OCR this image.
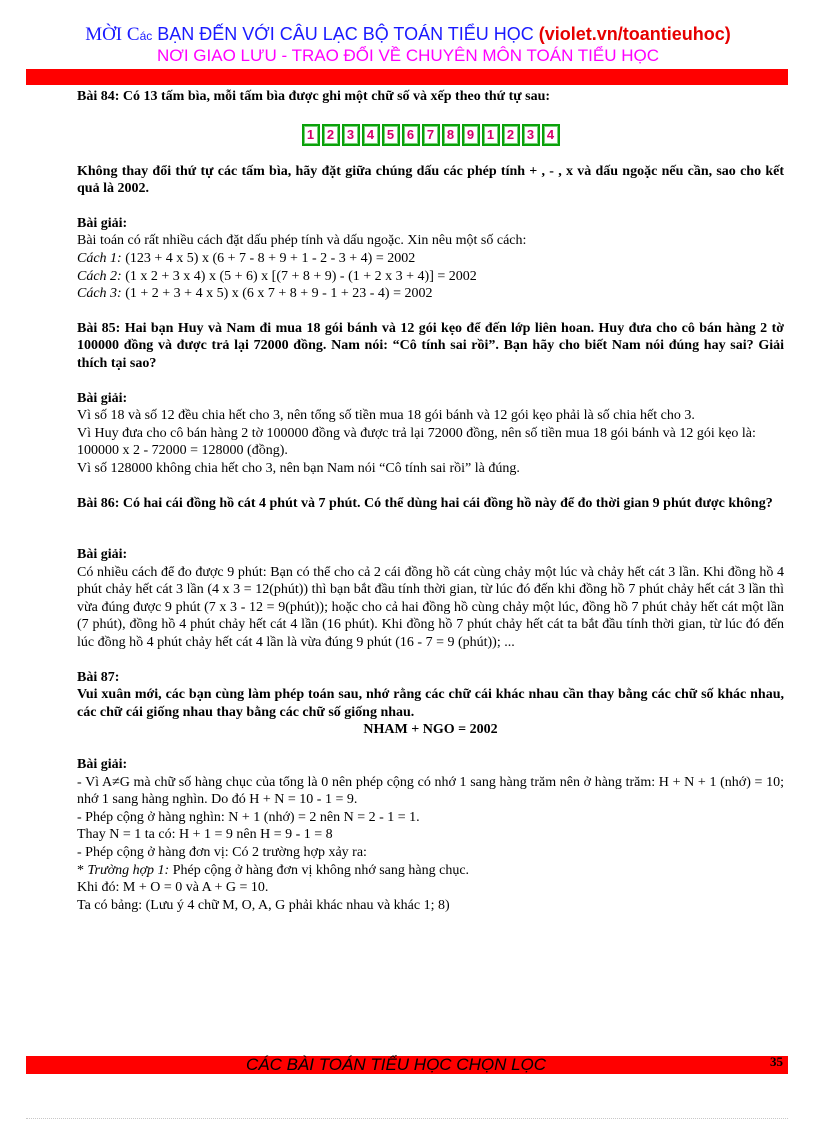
MỜI Các BẠN ĐẾN VỚI CÂU LẠC BỘ TOÁN TIỂU HỌC (violet.vn/toantieuhoc)
NƠI GIAO LƯU - TRAO ĐỔI VỀ CHUYÊN MÔN TOÁN TIỂU HỌC

Bài 84: Có 13 tấm bìa, mỗi tấm bìa được ghi một chữ số và xếp theo thứ tự sau:

1 2 3 4 5 6 7 8 9 1 2 3 4

Không thay đổi thứ tự các tấm bìa, hãy đặt giữa chúng dấu các phép tính + , - , x và dấu ngoặc nếu cần, sao cho kết quả là 2002.

Bài giải:

Bài toán có rất nhiều cách đặt dấu phép tính và dấu ngoặc. Xin nêu một số cách:

Cách 1: (123 + 4 x 5) x (6 + 7 - 8 + 9 + 1 - 2 - 3 + 4) = 2002

Cách 2: (1 x 2 + 3 x 4) x (5 + 6) x [(7 + 8 + 9) - (1 + 2 x 3 + 4)] = 2002

Cách 3: (1 + 2 + 3 + 4 x 5) x (6 x 7 + 8 + 9 - 1 + 23 - 4) = 2002

Bài 85: Hai bạn Huy và Nam đi mua 18 gói bánh và 12 gói kẹo để đến lớp liên hoan. Huy đưa cho cô bán hàng 2 tờ 100000 đồng và được trả lại 72000 đồng. Nam nói: “Cô tính sai rồi”. Bạn hãy cho biết Nam nói đúng hay sai? Giải thích tại sao?

Bài giải:

Vì số 18 và số 12 đều chia hết cho 3, nên tổng số tiền mua 18 gói bánh và 12 gói kẹo phải là số chia hết cho 3.

Vì Huy đưa cho cô bán hàng 2 tờ 100000 đồng và được trả lại 72000 đồng, nên số tiền mua 18 gói bánh và 12 gói kẹo là:

100000 x 2 - 72000 = 128000 (đồng).

Vì số 128000 không chia hết cho 3, nên bạn Nam nói “Cô tính sai rồi” là đúng.

Bài 86: Có hai cái đồng hồ cát 4 phút và 7 phút. Có thể dùng hai cái đồng hồ này để đo thời gian 9 phút được không?

Bài giải:

Có nhiều cách để đo được 9 phút: Bạn có thể cho cả 2 cái đồng hồ cát cùng chảy một lúc và chảy hết cát 3 lần. Khi đồng hồ 4 phút chảy hết cát 3 lần (4 x 3 = 12(phút)) thì bạn bắt đầu tính thời gian, từ lúc đó đến khi đồng hồ 7 phút chảy hết cát 3 lần thì vừa đúng được 9 phút (7 x 3 - 12 = 9(phút)); hoặc cho cả hai đồng hồ cùng chảy một lúc, đồng hồ 7 phút chảy hết cát một lần (7 phút), đồng hồ 4 phút chảy hết cát 4 lần (16 phút). Khi đồng hồ 7 phút chảy hết cát ta bắt đầu tính thời gian, từ lúc đó đến lúc đồng hồ 4 phút chảy hết cát 4 lần là vừa đúng 9 phút (16 - 7 = 9 (phút)); ...

Bài 87:

Vui xuân mới, các bạn cùng làm phép toán sau, nhớ rằng các chữ cái khác nhau cần thay bằng các chữ số khác nhau, các chữ cái giống nhau thay bằng các chữ số giống nhau.

NHAM + NGO = 2002

Bài giải:

- Vì A≠G mà chữ số hàng chục của tổng là 0 nên phép cộng có nhớ 1 sang hàng trăm nên ở hàng trăm: H + N + 1 (nhớ) = 10; nhớ 1 sang hàng nghìn. Do đó H + N = 10 - 1 = 9.

- Phép cộng ở hàng nghìn: N + 1 (nhớ) = 2 nên N = 2 - 1 = 1.

Thay N = 1 ta có: H + 1 = 9 nên H = 9 - 1 = 8

- Phép cộng ở hàng đơn vị: Có 2 trường hợp xảy ra:

* Trường hợp 1: Phép cộng ở hàng đơn vị không nhớ sang hàng chục.

Khi đó: M + O = 0 và A + G = 10.

Ta có bảng: (Lưu ý 4 chữ M, O, A, G phải khác nhau và khác 1; 8)

CÁC BÀI TOÁN TIỂU HỌC CHỌN LỌC	35
